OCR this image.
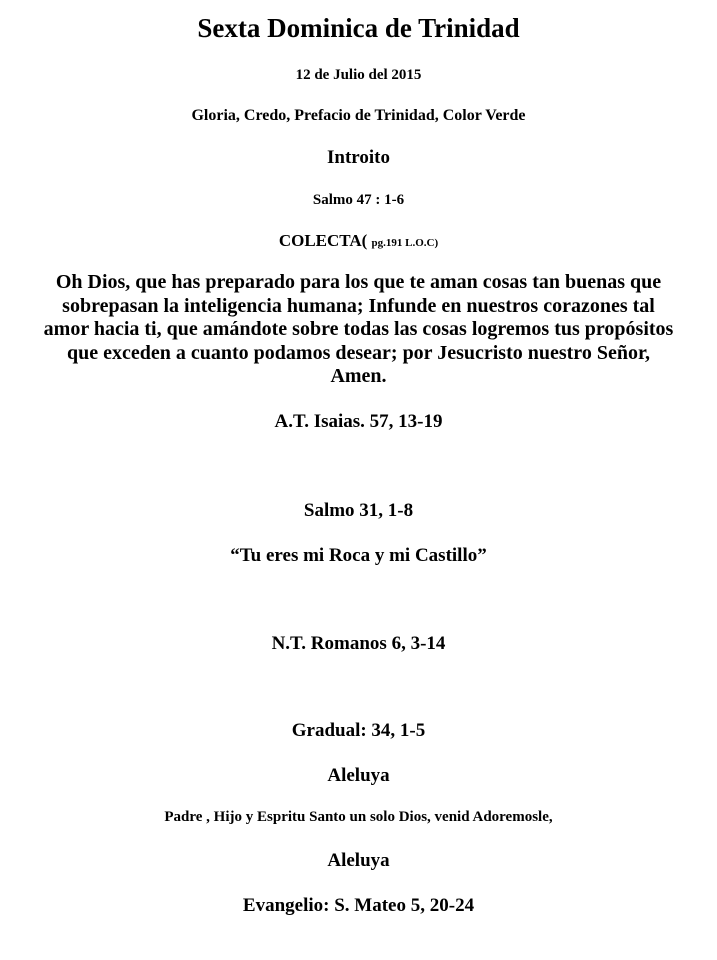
Sexta Dominica de Trinidad
12 de Julio del 2015
Gloria, Credo, Prefacio de Trinidad, Color Verde
Introito
Salmo 47 : 1-6
COLECTA( pg.191 L.O.C)
Oh Dios, que has preparado para los que te aman cosas tan buenas que
sobrepasan la inteligencia humana; Infunde en nuestros corazones tal
amor hacia ti, que amándote sobre todas las cosas logremos tus propósitos
que exceden a cuanto podamos desear; por Jesucristo nuestro Señor,
Amen.
A.T. Isaias. 57, 13-19
Salmo 31, 1-8
“Tu eres mi Roca y mi Castillo”
N.T. Romanos 6, 3-14
Gradual: 34, 1-5
Aleluya
Padre , Hijo y Espritu Santo un solo Dios, venid Adoremosle,
Aleluya
Evangelio: S. Mateo 5, 20-24
